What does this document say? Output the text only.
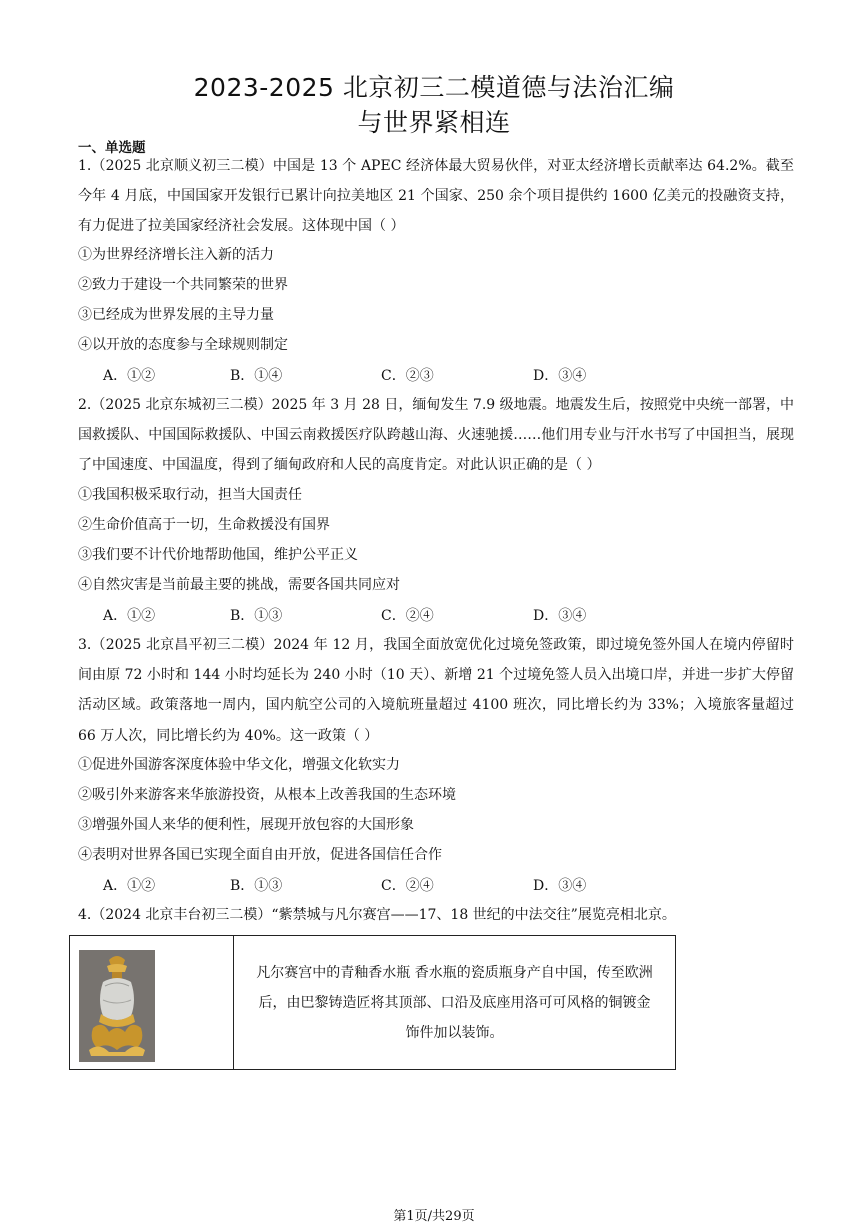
2023-2025 北京初三二模道德与法治汇编
与世界紧相连
一、单选题
1.（2025 北京顺义初三二模）中国是 13 个 APEC 经济体最大贸易伙伴，对亚太经济增长贡献率达 64.2%。截至今年 4 月底，中国国家开发银行已累计向拉美地区 21 个国家、250 余个项目提供约 1600 亿美元的投融资支持，有力促进了拉美国家经济社会发展。这体现中国（ ）
①为世界经济增长注入新的活力
②致力于建设一个共同繁荣的世界
③已经成为世界发展的主导力量
④以开放的态度参与全球规则制定
A．①②	B．①④	C．②③	D．③④
2.（2025 北京东城初三二模）2025 年 3 月 28 日，缅甸发生 7.9 级地震。地震发生后，按照党中央统一部署，中国救援队、中国国际救援队、中国云南救援医疗队跨越山海、火速驰援……他们用专业与汗水书写了中国担当，展现了中国速度、中国温度，得到了缅甸政府和人民的高度肯定。对此认识正确的是（ ）
①我国积极采取行动，担当大国责任
②生命价值高于一切，生命救援没有国界
③我们要不计代价地帮助他国，维护公平正义
④自然灾害是当前最主要的挑战，需要各国共同应对
A．①②	B．①③	C．②④	D．③④
3.（2025 北京昌平初三二模）2024 年 12 月，我国全面放宽优化过境免签政策，即过境免签外国人在境内停留时间由原 72 小时和 144 小时均延长为 240 小时（10 天）、新增 21 个过境免签人员入出境口岸，并进一步扩大停留活动区域。政策落地一周内，国内航空公司的入境航班量超过 4100 班次，同比增长约为 33%；入境旅客量超过 66 万人次，同比增长约为 40%。这一政策（ ）
①促进外国游客深度体验中华文化，增强文化软实力
②吸引外来游客来华旅游投资，从根本上改善我国的生态环境
③增强外国人来华的便利性，展现开放包容的大国形象
④表明对世界各国已实现全面自由开放，促进各国信任合作
A．①②	B．①③	C．②④	D．③④
4.（2024 北京丰台初三二模）“紫禁城与凡尔赛宫——17、18 世纪的中法交往”展览亮相北京。
	凡尔赛宫中的青釉香水瓶 香水瓶的瓷质瓶身产自中国，传至欧洲后，由巴黎铸造匠将其顶部、口沿及底座用洛可可风格的铜镀金饰件加以装饰。
第1页/共29页
